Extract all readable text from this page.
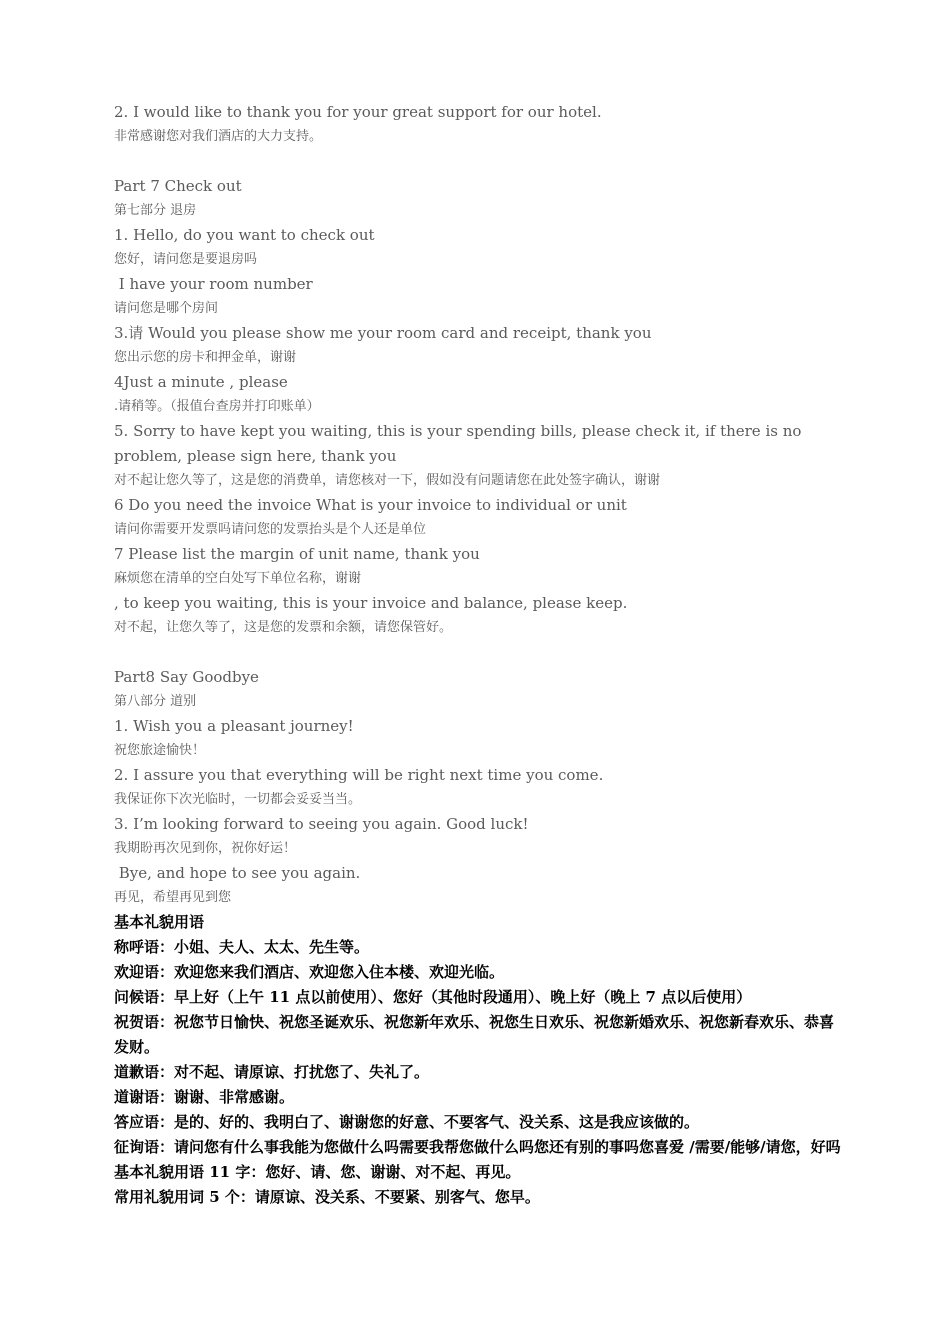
2. I would like to thank you for your great support for our hotel.
非常感谢您对我们酒店的大力支持。
Part 7 Check out
第七部分 退房
1. Hello, do you want to check out
您好，请问您是要退房吗
I have your room number
请问您是哪个房间
3.请 Would you please show me your room card and receipt, thank you
您出示您的房卡和押金单，谢谢
4Just a minute , please
.请稍等。（报值台查房并打印账单）
5. Sorry to have kept you waiting, this is your spending bills, please check it, if there is no problem, please sign here, thank you
对不起让您久等了，这是您的消费单，请您核对一下，假如没有问题请您在此处签字确认，谢谢
6 Do you need the invoice What is your invoice to individual or unit
请问你需要开发票吗请问您的发票抬头是个人还是单位
7 Please list the margin of unit name, thank you
麻烦您在清单的空白处写下单位名称，谢谢
, to keep you waiting, this is your invoice and balance, please keep.
对不起，让您久等了，这是您的发票和余额，请您保管好。
Part8 Say Goodbye
第八部分 道别
1. Wish you a pleasant journey!
祝您旅途愉快！
2. I assure you that everything will be right next time you come.
我保证你下次光临时，一切都会妥妥当当。
3. I’m looking forward to seeing you again. Good luck!
我期盼再次见到你，祝你好运！
Bye, and hope to see you again.
再见，希望再见到您
基本礼貌用语
称呼语：小姐、夫人、太太、先生等。
欢迎语：欢迎您来我们酒店、欢迎您入住本楼、欢迎光临。
问候语：早上好（上午 11 点以前使用）、您好（其他时段通用）、晚上好（晚上 7 点以后使用）
祝贺语：祝您节日愉快、祝您圣诞欢乐、祝您新年欢乐、祝您生日欢乐、祝您新婚欢乐、祝您新春欢乐、恭喜发财。
道歉语：对不起、请原谅、打扰您了、失礼了。
道谢语：谢谢、非常感谢。
答应语：是的、好的、我明白了、谢谢您的好意、不要客气、没关系、这是我应该做的。
征询语：请问您有什么事我能为您做什么吗需要我帮您做什么吗您还有别的事吗您喜爱 /需要/能够/请您，好吗
基本礼貌用语 11 字：您好、请、您、谢谢、对不起、再见。
常用礼貌用词 5 个：请原谅、没关系、不要紧、别客气、您早。
